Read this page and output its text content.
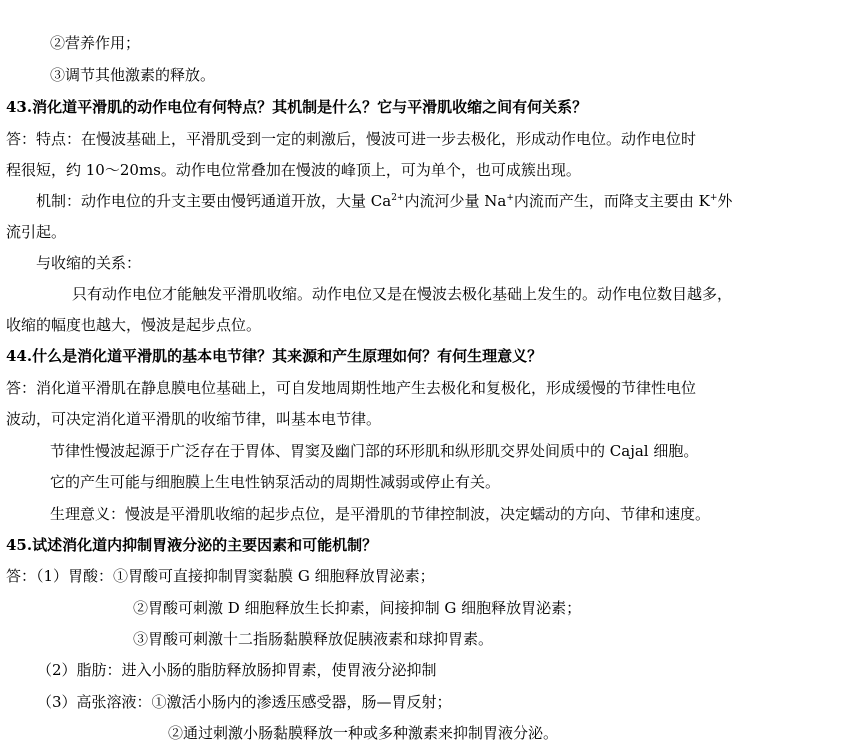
②营养作用；
③调节其他激素的释放。
43.消化道平滑肌的动作电位有何特点？其机制是什么？它与平滑肌收缩之间有何关系？
答：特点：在慢波基础上，平滑肌受到一定的刺激后，慢波可进一步去极化，形成动作电位。动作电位时
程很短，约 10～20ms。动作电位常叠加在慢波的峰顶上，可为单个，也可成簇出现。
机制：动作电位的升支主要由慢钙通道开放，大量 $Ca^{2+}$内流河少量 Na+内流而产生，而降支主要由 K+外
流引起。
与收缩的关系：
只有动作电位才能触发平滑肌收缩。动作电位又是在慢波去极化基础上发生的。动作电位数目越多，
收缩的幅度也越大，慢波是起步点位。
44.什么是消化道平滑肌的基本电节律？其来源和产生原理如何？有何生理意义？
答：消化道平滑肌在静息膜电位基础上，可自发地周期性地产生去极化和复极化，形成缓慢的节律性电位
波动，可决定消化道平滑肌的收缩节律，叫基本电节律。
节律性慢波起源于广泛存在于胃体、胃窦及幽门部的环形肌和纵形肌交界处间质中的 Cajal 细胞。
它的产生可能与细胞膜上生电性钠泵活动的周期性减弱或停止有关。
生理意义：慢波是平滑肌收缩的起步点位，是平滑肌的节律控制波，决定蠕动的方向、节律和速度。
45.试述消化道内抑制胃液分泌的主要因素和可能机制？
答：（1）胃酸：①胃酸可直接抑制胃窦黏膜 G 细胞释放胃泌素；
②胃酸可刺激 D 细胞释放生长抑素，间接抑制 G 细胞释放胃泌素；
③胃酸可刺激十二指肠黏膜释放促胰液素和球抑胃素。
（2）脂肪：进入小肠的脂肪释放肠抑胃素，使胃液分泌抑制
（3）高张溶液：①激活小肠内的渗透压感受器，肠—胃反射；
②通过刺激小肠黏膜释放一种或多种激素来抑制胃液分泌。
